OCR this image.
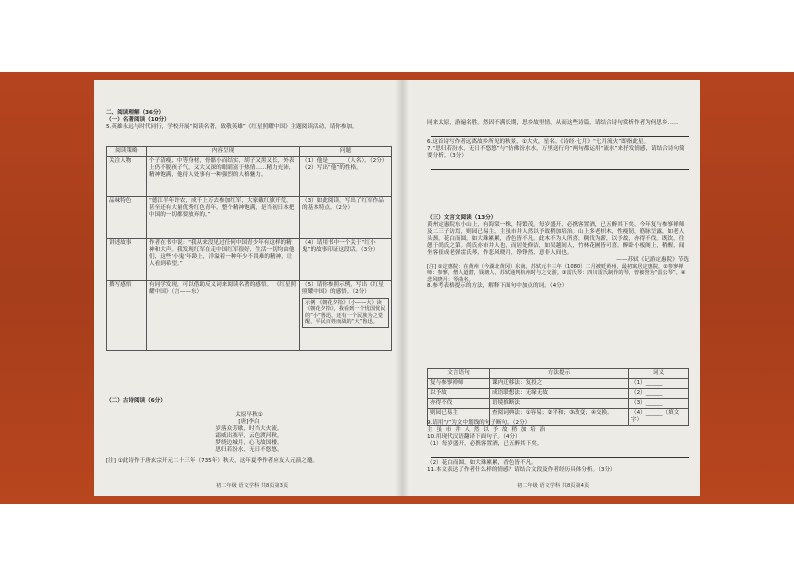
二、阅读理解（36分）
（一）名著阅读（10分）
5.英雄永远与时代同行，学校开展“阅读名著，致敬英雄”《红星照耀中国》主题阅读活动，请你参加。
阅读策略	内容呈现	问题
关注人物	个子清瘦，中等身材，骨骼小而结实，胡子又黑又长，外表上仍不脱孩子气，又大又深的眼睛富于热情……精力充沛，精神饱满，他待人处事有一种强烈的人格魅力。	（1）他是______（人名）。（2分） （2）写出“他”的性格。
品味特色	“德江半年许农，成千上万去参加红军，大家戴红旗开荒，甚至还有大量优秀红色青年，整个精神饱满，是当初日本把中国的一切都要放弃的。”	（3）如此阅读，写出了红军作品的基本特点。（2分）
讲述故事	作者在书中说：“我从来没见过任何中国青少年有这样的精神和大声。我发现红军在走中国红军很好，生活一切均由他们，这些‘小鬼’年龄上，洋溢着一种年少不畏难的精神，让人看到希望。”	（4）请用书中一个关于“红小鬼”的故事印证这段话。（3分）
撰写感悟	有同学发现，可以借助反义词来阅读名著的感悟。 《红星照耀中国》（言——东）	（5）请你参照示例，写出《红星照耀中国》的感悟。（2分）
示例 《朝花夕拾》（小——大）读《朝花夕拾》，我看到一个忧国忧民的“小”鲁迅，还有一个民族为之觉醒，平民百姓而战的“大”鲁迅。
（二）古诗阅读（6分）
太原早秋①
[唐]李白
岁落众芳歇，时当大火流。
霜威出塞早，云色渡河秋。
梦绕边城月，心飞故国楼。
思归若汾水，无日不悠悠。
[注] ①此诗作于唐玄宗开元二十三年（735年）秋天，这年夏季作者应友人元演之邀。
初二年级 语文学科 共8页第3页
同来太原，游遍名胜。然因不满长期，思乡故里情，从而这些诗篇，请结合诗句赏析作者为何思乡……
6.这首诗写作者远离故乡所见的秋景，①大火，星名。《诗经·七月》“七月流火”即指此星。
7.“思归若汾水，无日不悠悠”与“仿佛汾水水，万里送行舟”两句都运用“流水”来抒发情感，请结合诗句简要分析。（3分）
（三）文言文阅读（13分）
黄州定惠院东小山上，有海棠一株，特繁茂。每岁盛开，必携客置酒，已五醉其下矣。今年复与参寥禅师及二三子访焉，则园已易主。主虽市井人然以予故稍加培治。山上多老枳木，性瘦韧，筋脉呈露，如老人头颈。花白而圆，如大珠累累，香色皆不凡。此木不为人所喜，稠伐为薪，以予故，亦得不伐。既饮，往憩于尚氏之第。尚氏亦市井人也，而居处修洁，如吴越间人，竹林花圃皆可喜。醉卧小板阁上，稍醒，闻坐客崔成老弹雷氏琴，作悲风晓月，铮铮然，意非人间也。
——苏轼《记游定惠院》节选
[注] ①定惠院：在黄州（今湖北黄冈）东南。苏轼元丰三年（1080）二月被贬黄州，最初寓居定惠院。②参寥禅师：参寥，僧人道潜，钱塘人，苏轼通判杭州时与之交游。③雷氏琴：四川雷氏制作的琴，曾被誉为“雷公琴”。④悲风晓月：琴曲名。
8.参考表格提示的方法，解释下面句中加点的词。（4分）
文言语句	方法提示	词义
复与参寥禅师	课内迁移法：复投之	（1）______
以予故	成语联想法：无缘无故	（2）______
亦得不伐	语境推断法	（3）______
则园已易主	查阅词典法：①容易；②平和；③改变；④交换。	（4）______（填文字）
9.请用“/”为文中划线的句子断句。（2分）
主 虽 市 井 人 然 以 予 故 稍 加 培 治
10.用现代汉语翻译下面句子。（4分）
（1）每岁盛开，必携客置酒，已五醉其下矣。
（2）花白而圆，如大珠累累，香色皆不凡。
11.本文表达了作者什么样的情感？请结合文段及作者经历具体分析。（3分）
初二年级 语文学科 共8页第4页
